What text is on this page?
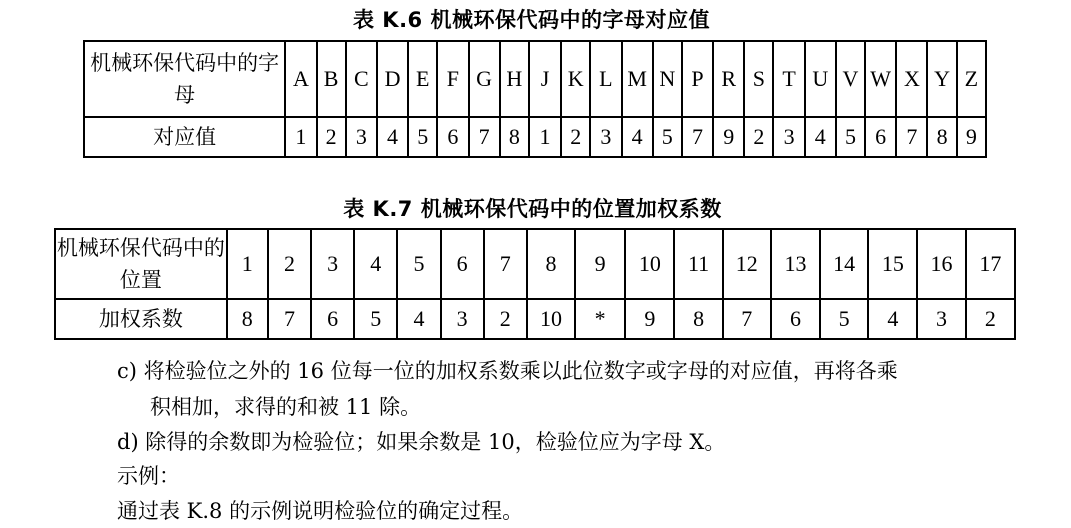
表 K.6 机械环保代码中的字母对应值
机械环保代码中的字母	A	B	C	D	E	F	G	H	J	K	L	M	N	P	R	S	T	U	V	W	X	Y	Z
对应值	1	2	3	4	5	6	7	8	1	2	3	4	5	7	9	2	3	4	5	6	7	8	9
表 K.7 机械环保代码中的位置加权系数
机械环保代码中的位置	1	2	3	4	5	6	7	8	9	10	11	12	13	14	15	16	17
加权系数	8	7	6	5	4	3	2	10	*	9	8	7	6	5	4	3	2
c) 将检验位之外的 16 位每一位的加权系数乘以此位数字或字母的对应值，再将各乘
积相加，求得的和被 11 除。
d) 除得的余数即为检验位；如果余数是 10，检验位应为字母 X。
示例：
通过表 K.8 的示例说明检验位的确定过程。
